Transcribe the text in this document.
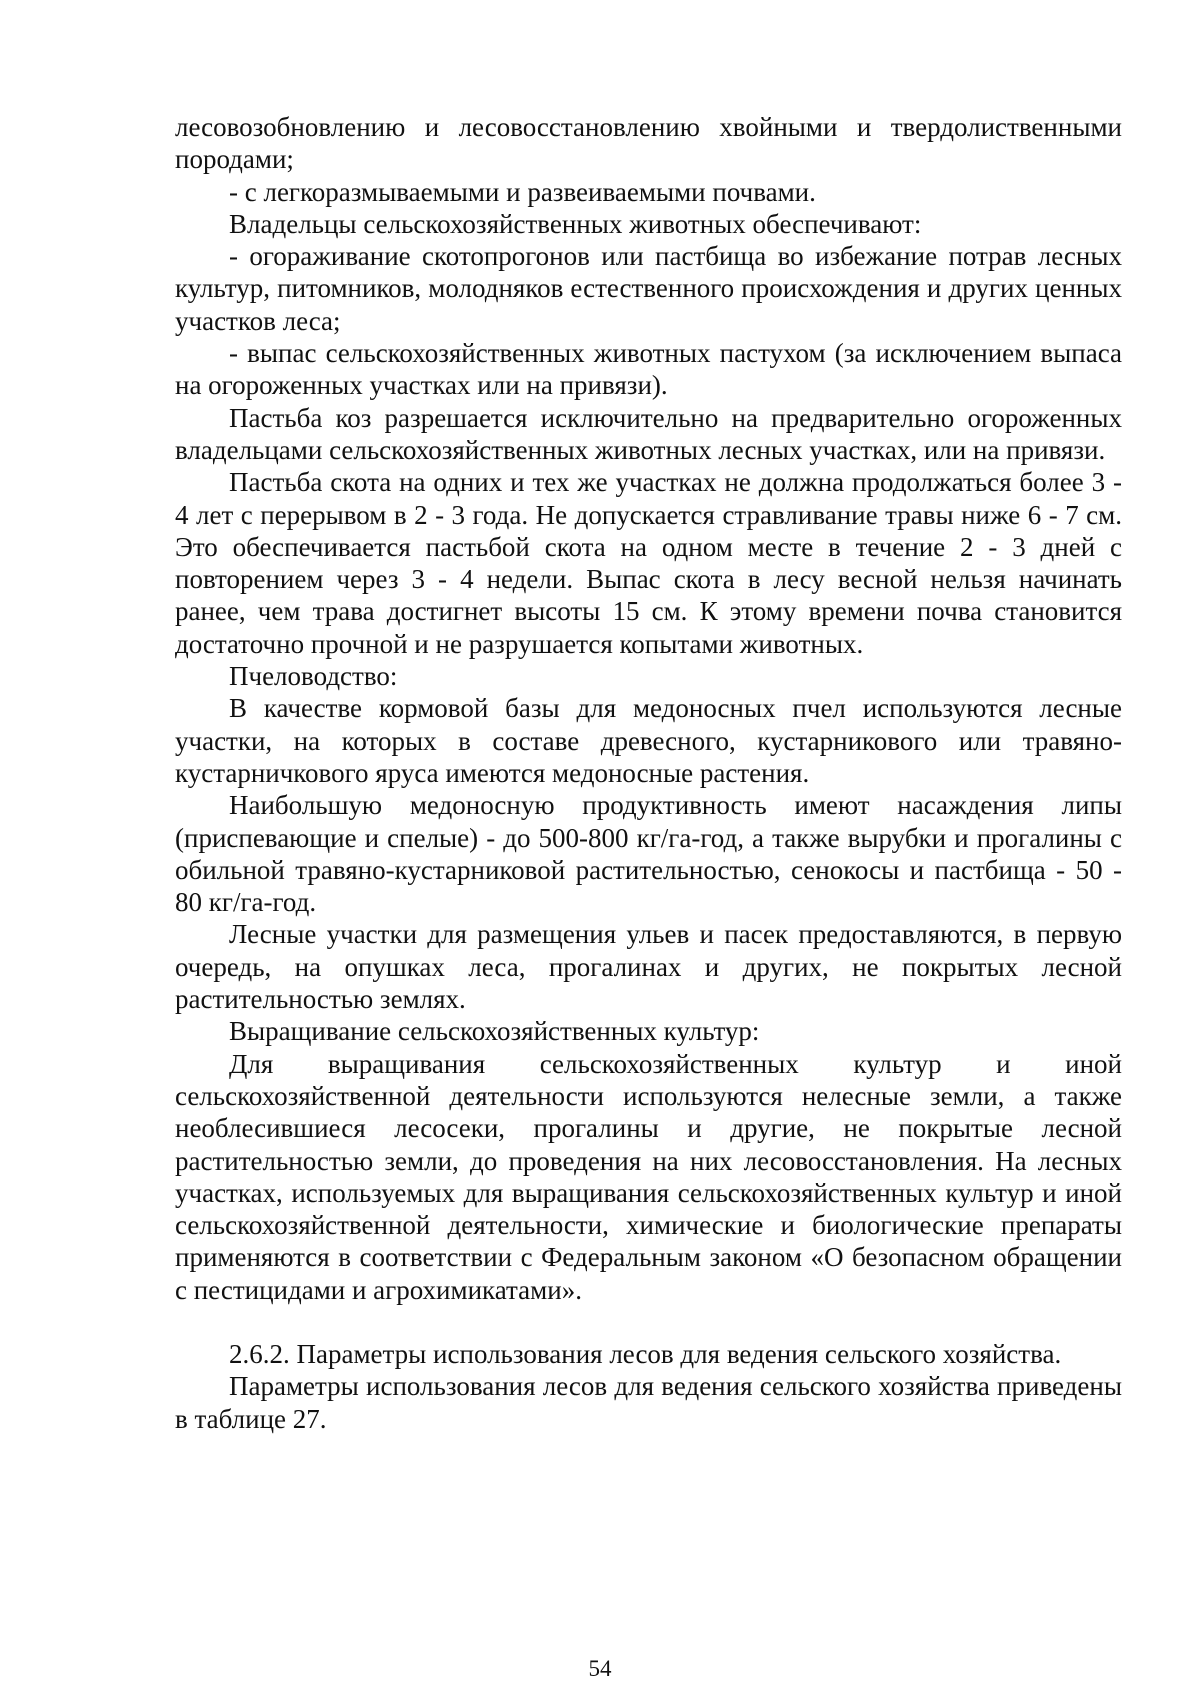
лесовозобновлению и лесовосстановлению хвойными и твердолиственными породами;

- с легкоразмываемыми и развеиваемыми почвами.

Владельцы сельскохозяйственных животных обеспечивают:

- огораживание скотопрогонов или пастбища во избежание потрав лесных культур, питомников, молодняков естественного происхождения и других ценных участков леса;

- выпас сельскохозяйственных животных пастухом (за исключением выпаса на огороженных участках или на привязи).

Пастьба коз разрешается исключительно на предварительно огороженных владельцами сельскохозяйственных животных лесных участках, или на привязи.

Пастьба скота на одних и тех же участках не должна продолжаться более 3 - 4 лет с перерывом в 2 - 3 года. Не допускается стравливание травы ниже 6 - 7 см. Это обеспечивается пастьбой скота на одном месте в течение 2 - 3 дней с повторением через 3 - 4 недели. Выпас скота в лесу весной нельзя начинать ранее, чем трава достигнет высоты 15 см. К этому времени почва становится достаточно прочной и не разрушается копытами животных.

Пчеловодство:

В качестве кормовой базы для медоносных пчел используются лесные участки, на которых в составе древесного, кустарникового или травяно-кустарничкового яруса имеются медоносные растения.

Наибольшую медоносную продуктивность имеют насаждения липы (приспевающие и спелые) - до 500-800 кг/га-год, а также вырубки и прогалины с обильной травяно-кустарниковой растительностью, сенокосы и пастбища - 50 - 80 кг/га-год.

Лесные участки для размещения ульев и пасек предоставляются, в первую очередь, на опушках леса, прогалинах и других, не покрытых лесной растительностью землях.

Выращивание сельскохозяйственных культур:

Для выращивания сельскохозяйственных культур и иной сельскохозяйственной деятельности используются нелесные земли, а также необлесившиеся лесосеки, прогалины и другие, не покрытые лесной растительностью земли, до проведения на них лесовосстановления. На лесных участках, используемых для выращивания сельскохозяйственных культур и иной сельскохозяйственной деятельности, химические и биологические препараты применяются в соответствии с Федеральным законом «О безопасном обращении с пестицидами и агрохимикатами».

2.6.2. Параметры использования лесов для ведения сельского хозяйства.

Параметры использования лесов для ведения сельского хозяйства приведены в таблице 27.

54
